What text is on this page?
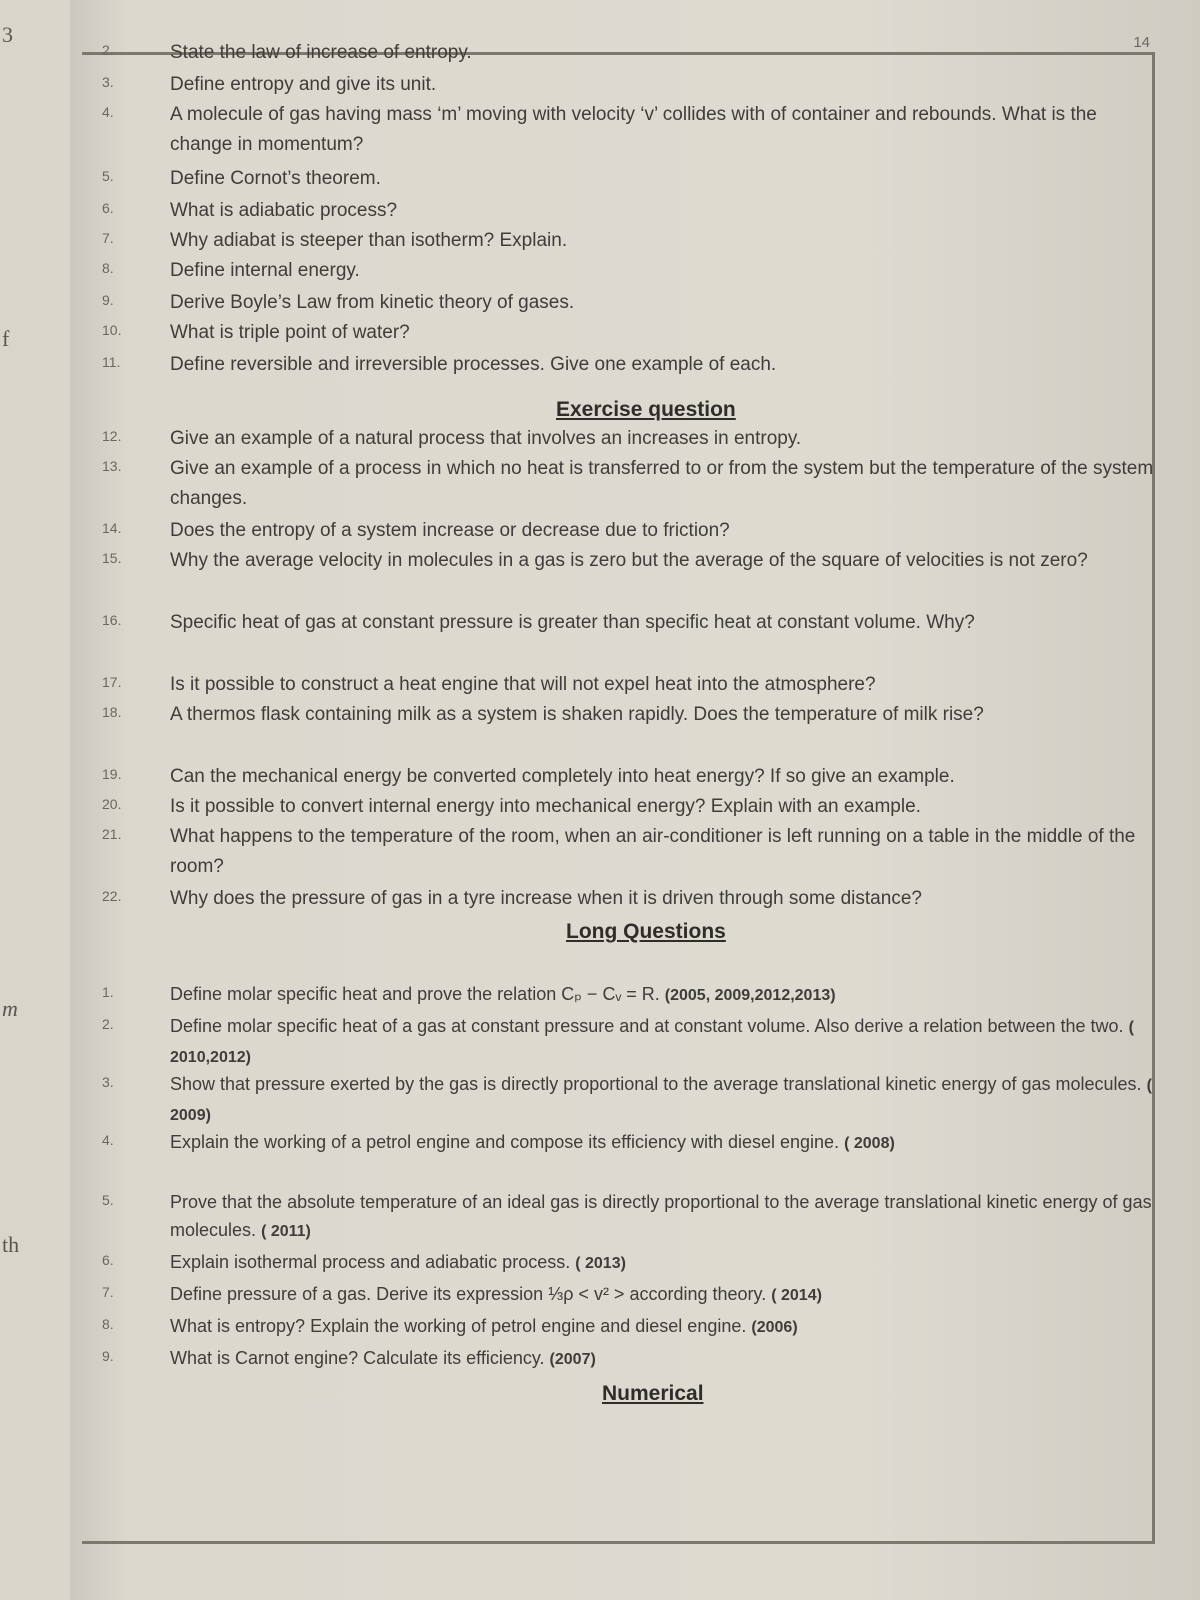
3
f
m
th
14
2.	State the law of increase of entropy.
3.	Define entropy and give its unit.
4.	A molecule of gas having mass ‘m’ moving with velocity ‘v’ collides with of container and rebounds. What is the change in momentum?
5.	Define Cornot’s theorem.
6.	What is adiabatic process?
7.	Why adiabat is steeper than isotherm? Explain.
8.	Define internal energy.
9.	Derive Boyle’s Law from kinetic theory of gases.
10.	What is triple point of water?
11.	Define reversible and irreversible processes. Give one example of each.
Exercise question
12.	Give an example of a natural process that involves an increases in entropy.
13.	Give an example of a process in which no heat is transferred to or from the system but the temperature of the system changes.
14.	Does the entropy of a system increase or decrease due to friction?
15.	Why the average velocity in molecules in a gas is zero but the average of the square of velocities is not zero?
16.	Specific heat of gas at constant pressure is greater than specific heat at constant volume. Why?
17.	Is it possible to construct a heat engine that will not expel heat into the atmosphere?
18.	A thermos flask containing milk as a system is shaken rapidly. Does the temperature of milk rise?
19.	Can the mechanical energy be converted completely into heat energy? If so give an example.
20.	Is it possible to convert internal energy into mechanical energy? Explain with an example.
21.	What happens to the temperature of the room, when an air-conditioner is left running on a table in the middle of the room?
22.	Why does the pressure of gas in a tyre increase when it is driven through some distance?
Long Questions
1.	Define molar specific heat and prove the relation Cₚ − Cᵥ = R. (2005, 2009,2012,2013)
2.	Define molar specific heat of a gas at constant pressure and at constant volume. Also derive a relation between the two. ( 2010,2012)
3.	Show that pressure exerted by the gas is directly proportional to the average translational kinetic energy of gas molecules. ( 2009)
4.	Explain the working of a petrol engine and compose its efficiency with diesel engine. ( 2008)
5.	Prove that the absolute temperature of an ideal gas is directly proportional to the average translational kinetic energy of gas molecules. ( 2011)
6.	Explain isothermal process and adiabatic process. ( 2013)
7.	Define pressure of a gas. Derive its expression ⅓ρ < v² > according theory. ( 2014)
8.	What is entropy? Explain the working of petrol engine and diesel engine. (2006)
9.	What is Carnot engine? Calculate its efficiency. (2007)
Numerical
